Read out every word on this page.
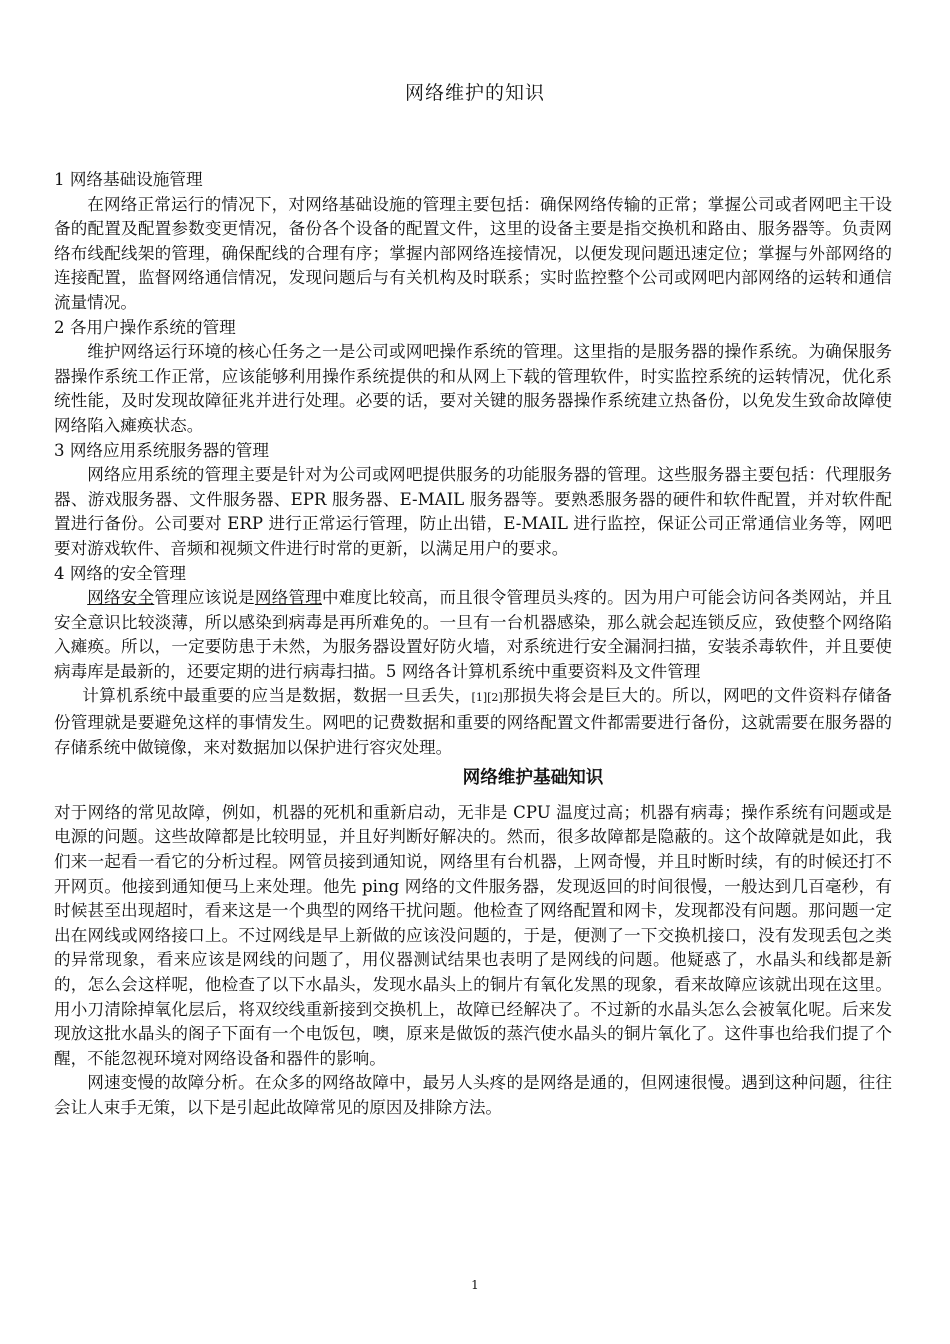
网络维护的知识

1 网络基础设施管理

在网络正常运行的情况下，对网络基础设施的管理主要包括：确保网络传输的正常；掌握公司或者网吧主干设备的配置及配置参数变更情况，备份各个设备的配置文件，这里的设备主要是指交换机和路由、服务器等。负责网络布线配线架的管理，确保配线的合理有序；掌握内部网络连接情况，以便发现问题迅速定位；掌握与外部网络的连接配置，监督网络通信情况，发现问题后与有关机构及时联系；实时监控整个公司或网吧内部网络的运转和通信流量情况。

2 各用户操作系统的管理

维护网络运行环境的核心任务之一是公司或网吧操作系统的管理。这里指的是服务器的操作系统。为确保服务器操作系统工作正常，应该能够利用操作系统提供的和从网上下载的管理软件，时实监控系统的运转情况，优化系统性能，及时发现故障征兆并进行处理。必要的话，要对关键的服务器操作系统建立热备份，以免发生致命故障使网络陷入瘫痪状态。

3 网络应用系统服务器的管理

网络应用系统的管理主要是针对为公司或网吧提供服务的功能服务器的管理。这些服务器主要包括：代理服务器、游戏服务器、文件服务器、EPR 服务器、E-MAIL 服务器等。要熟悉服务器的硬件和软件配置，并对软件配置进行备份。公司要对 ERP 进行正常运行管理，防止出错，E-MAIL 进行监控，保证公司正常通信业务等，网吧要对游戏软件、音频和视频文件进行时常的更新，以满足用户的要求。

4 网络的安全管理

网络安全管理应该说是网络管理中难度比较高，而且很令管理员头疼的。因为用户可能会访问各类网站，并且安全意识比较淡薄，所以感染到病毒是再所难免的。一旦有一台机器感染，那么就会起连锁反应，致使整个网络陷入瘫痪。所以，一定要防患于未然，为服务器设置好防火墙，对系统进行安全漏洞扫描，安装杀毒软件，并且要使病毒库是最新的，还要定期的进行病毒扫描。5 网络各计算机系统中重要资料及文件管理

计算机系统中最重要的应当是数据，数据一旦丢失，[1][2]那损失将会是巨大的。所以，网吧的文件资料存储备份管理就是要避免这样的事情发生。网吧的记费数据和重要的网络配置文件都需要进行备份，这就需要在服务器的存储系统中做镜像，来对数据加以保护进行容灾处理。

网络维护基础知识

对于网络的常见故障，例如，机器的死机和重新启动，无非是 CPU 温度过高；机器有病毒；操作系统有问题或是电源的问题。这些故障都是比较明显，并且好判断好解决的。然而，很多故障都是隐蔽的。这个故障就是如此，我们来一起看一看它的分析过程。网管员接到通知说，网络里有台机器，上网奇慢，并且时断时续，有的时候还打不开网页。他接到通知便马上来处理。他先 ping 网络的文件服务器，发现返回的时间很慢，一般达到几百毫秒，有时候甚至出现超时，看来这是一个典型的网络干扰问题。他检查了网络配置和网卡，发现都没有问题。那问题一定出在网线或网络接口上。不过网线是早上新做的应该没问题的，于是，便测了一下交换机接口，没有发现丢包之类的异常现象，看来应该是网线的问题了，用仪器测试结果也表明了是网线的问题。他疑惑了，水晶头和线都是新的，怎么会这样呢，他检查了以下水晶头，发现水晶头上的铜片有氧化发黑的现象，看来故障应该就出现在这里。用小刀清除掉氧化层后，将双绞线重新接到交换机上，故障已经解决了。不过新的水晶头怎么会被氧化呢。后来发现放这批水晶头的阁子下面有一个电饭包，噢，原来是做饭的蒸汽使水晶头的铜片氧化了。这件事也给我们提了个醒，不能忽视环境对网络设备和器件的影响。

网速变慢的故障分析。在众多的网络故障中，最另人头疼的是网络是通的，但网速很慢。遇到这种问题，往往会让人束手无策，以下是引起此故障常见的原因及排除方法。

1
